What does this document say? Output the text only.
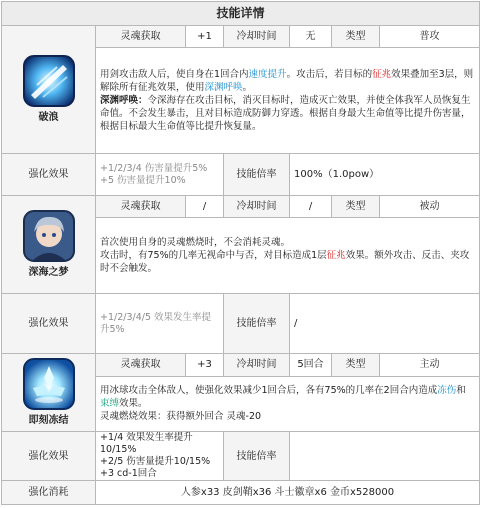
技能详情						

破浪	灵魂获取	+1	冷却时间	无	类型	普攻
	用剑攻击敌人后，使自身在1回合内速度提升。攻击后，若目标的征兆效果叠加至3层，则解除所有征兆效果，使用深渊呼唤。
深渊呼唤：令深海存在攻击目标，消灭目标时，造成灭亡效果，并使全体我军人员恢复生命值。不会发生暴击，且对目标造成防御力穿透。根据自身最大生命值等比提升伤害量，根据目标最大生命值等比提升恢复量。					
强化效果	+1/2/3/4 伤害量提升5%
+5 伤害量提升10%		技能倍率	100%（1.0pow）		

深海之梦	灵魂获取	/	冷却时间	/	类型	被动
	首次使用自身的灵魂燃烧时，不会消耗灵魂。
攻击时，有75%的几率无视命中与否，对目标造成1层征兆效果。额外攻击、反击、夹攻时不会触发。					
强化效果	+1/2/3/4/5 效果发生率提升5%		技能倍率	/		

即刻冻结	灵魂获取	+3	冷却时间	5回合	类型	主动
	用冰球攻击全体敌人，使强化效果减少1回合后，各有75%的几率在2回合内造成冻伤和束缚效果。
灵魂燃烧效果：获得额外回合 灵魂-20					
强化效果	+1/4 效果发生率提升10/15%
+2/5 伤害量提升10/15%
+3 cd-1回合		技能倍率			
强化消耗	人参x33 皮剑鞘x36 斗士徽章x6 金币x528000					
